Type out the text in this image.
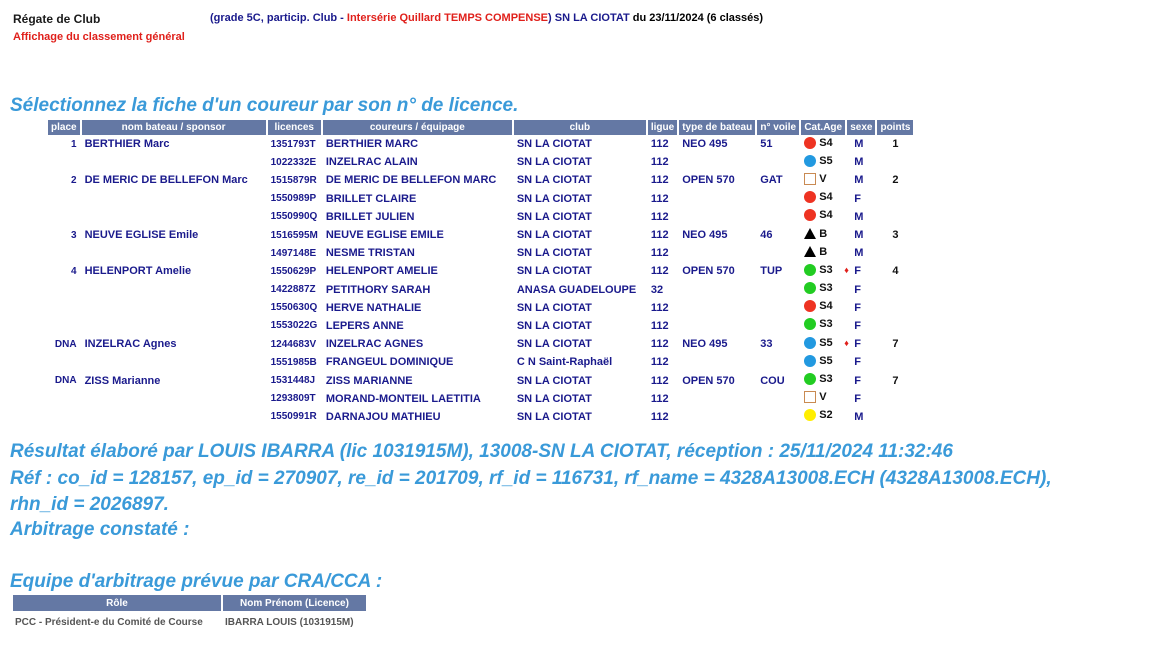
Régate de Club
Affichage du classement général
(grade 5C, particip. Club - Intersérie Quillard TEMPS COMPENSE) SN LA CIOTAT du 23/11/2024 (6 classés)
Sélectionnez la fiche d'un coureur par son n° de licence.
place	nom bateau / sponsor	licences	coureurs / équipage	club	ligue	type de bateau	n° voile	Cat.Age	sexe	points
1	BERTHIER Marc	1351793T	BERTHIER MARC	SN LA CIOTAT	112	NEO 495	51	S4	M	1
		1022332E	INZELRAC ALAIN	SN LA CIOTAT	112			S5	M	
2	DE MERIC DE BELLEFON Marc	1515879R	DE MERIC DE BELLEFON MARC	SN LA CIOTAT	112	OPEN 570	GAT	V	M	2
		1550989P	BRILLET CLAIRE	SN LA CIOTAT	112			S4	F	
		1550990Q	BRILLET JULIEN	SN LA CIOTAT	112			S4	M	
3	NEUVE EGLISE Emile	1516595M	NEUVE EGLISE EMILE	SN LA CIOTAT	112	NEO 495	46	B	M	3
		1497148E	NESME TRISTAN	SN LA CIOTAT	112			B	M	
4	HELENPORT Amelie	1550629P	HELENPORT AMELIE	SN LA CIOTAT	112	OPEN 570	TUP	S3	♦ F	4
		1422887Z	PETITHORY SARAH	ANASA GUADELOUPE	32			S3	F	
		1550630Q	HERVE NATHALIE	SN LA CIOTAT	112			S4	F	
		1553022G	LEPERS ANNE	SN LA CIOTAT	112			S3	F	
DNA	INZELRAC Agnes	1244683V	INZELRAC AGNES	SN LA CIOTAT	112	NEO 495	33	S5	♦ F	7
		1551985B	FRANGEUL DOMINIQUE	C N Saint-Raphaël	112			S5	F	
DNA	ZISS Marianne	1531448J	ZISS MARIANNE	SN LA CIOTAT	112	OPEN 570	COU	S3	F	7
		1293809T	MORAND-MONTEIL LAETITIA	SN LA CIOTAT	112			V	F	
		1550991R	DARNAJOU MATHIEU	SN LA CIOTAT	112			S2	M	
Résultat élaboré par LOUIS IBARRA (lic 1031915M), 13008-SN LA CIOTAT, réception : 25/11/2024 11:32:46
Réf : co_id = 128157, ep_id = 270907, re_id = 201709, rf_id = 116731, rf_name = 4328A13008.ECH (4328A13008.ECH),
rhn_id = 2026897.
Arbitrage constaté :
Equipe d'arbitrage prévue par CRA/CCA :
Rôle	Nom Prénom (Licence)
PCC - Président-e du Comité de Course	IBARRA LOUIS (1031915M)
